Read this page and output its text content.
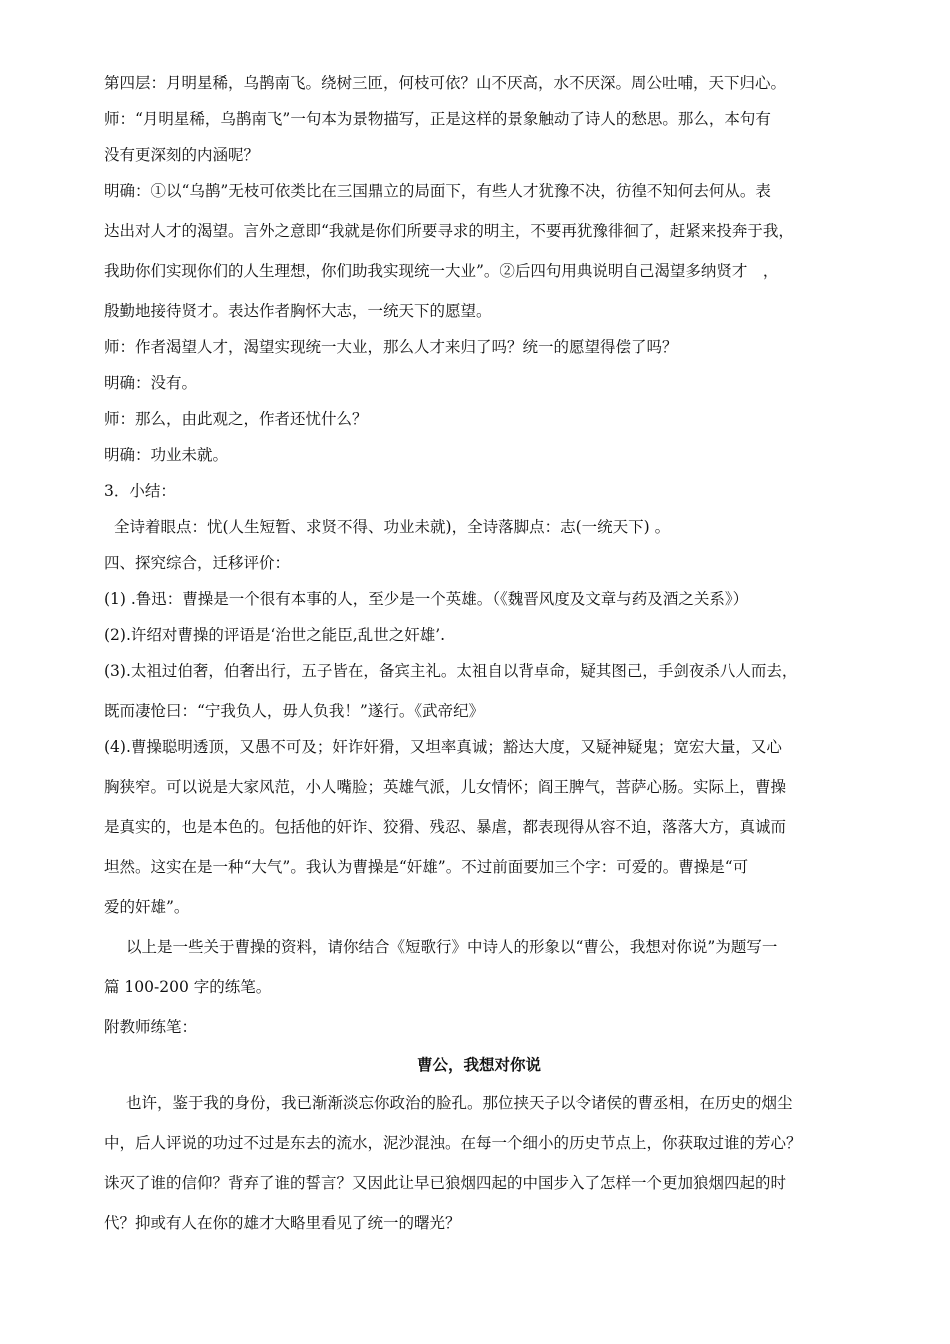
第四层：月明星稀，乌鹊南飞。绕树三匝，何枝可依？山不厌高，水不厌深。周公吐哺，天下归心。

师：“月明星稀，乌鹊南飞”一句本为景物描写，正是这样的景象触动了诗人的愁思。那么，本句有

没有更深刻的内涵呢？

明确：①以“乌鹊”无枝可依类比在三国鼎立的局面下，有些人才犹豫不决，彷徨不知何去何从。表

达出对人才的渴望。言外之意即“我就是你们所要寻求的明主，不要再犹豫徘徊了，赶紧来投奔于我，

我助你们实现你们的人生理想，你们助我实现统一大业”。②后四句用典说明自己渴望多纳贤才　，

殷勤地接待贤才。表达作者胸怀大志，一统天下的愿望。

师：作者渴望人才，渴望实现统一大业，那么人才来归了吗？统一的愿望得偿了吗？

明确：没有。

师：那么，由此观之，作者还忧什么？

明确：功业未就。

3．小结：

全诗着眼点：忧(人生短暂、求贤不得、功业未就)，全诗落脚点：志(一统天下) 。

四、探究综合，迁移评价：

(1) .鲁迅：曹操是一个很有本事的人，至少是一个英雄。（《魏晋风度及文章与药及酒之关系》）

(2).许绍对曹操的评语是‘治世之能臣,乱世之奸雄’.

(3).太祖过伯奢，伯奢出行，五子皆在，备宾主礼。太祖自以背卓命，疑其图己，手剑夜杀八人而去，

既而凄怆曰：“宁我负人，毋人负我！”遂行。《武帝纪》

(4).曹操聪明透顶，又愚不可及；奸诈奸猾，又坦率真诚；豁达大度，又疑神疑鬼；宽宏大量，又心

胸狭窄。可以说是大家风范，小人嘴脸；英雄气派，儿女情怀；阎王脾气，菩萨心肠。实际上，曹操

是真实的，也是本色的。包括他的奸诈、狡猾、残忍、暴虐，都表现得从容不迫，落落大方，真诚而

坦然。这实在是一种“大气”。我认为曹操是“奸雄”。不过前面要加三个字：可爱的。曹操是“可

爱的奸雄”。

以上是一些关于曹操的资料，请你结合《短歌行》中诗人的形象以“曹公，我想对你说”为题写一

篇 100-200 字的练笔。

附教师练笔：

曹公，我想对你说

也许，鉴于我的身份，我已渐渐淡忘你政治的脸孔。那位挟天子以令诸侯的曹丞相，在历史的烟尘

中，后人评说的功过不过是东去的流水，泥沙混浊。在每一个细小的历史节点上，你获取过谁的芳心？

诛灭了谁的信仰？背弃了谁的誓言？又因此让早已狼烟四起的中国步入了怎样一个更加狼烟四起的时

代？抑或有人在你的雄才大略里看见了统一的曙光？
